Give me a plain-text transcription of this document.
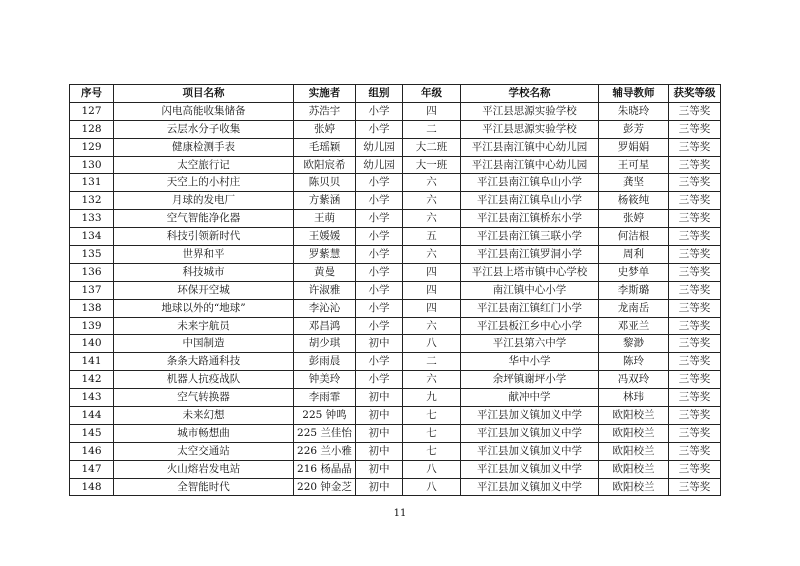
序号	项目名称	实施者	组别	年级	学校名称	辅导教师	获奖等级
127	闪电高能收集储备	苏浩宇	小学	四	平江县思源实验学校	朱晓玲	三等奖
128	云层水分子收集	张婷	小学	二	平江县思源实验学校	彭芳	三等奖
129	健康检测手表	毛瑶颖	幼儿园	大二班	平江县南江镇中心幼儿园	罗娟娟	三等奖
130	太空旅行记	欧阳宸希	幼儿园	大一班	平江县南江镇中心幼儿园	王可星	三等奖
131	天空上的小村庄	陈贝贝	小学	六	平江县南江镇阜山小学	龚坚	三等奖
132	月球的发电厂	方紫涵	小学	六	平江县南江镇阜山小学	杨筱纯	三等奖
133	空气智能净化器	王萌	小学	六	平江县南江镇桥东小学	张婷	三等奖
134	科技引领新时代	王媛媛	小学	五	平江县南江镇三联小学	何洁根	三等奖
135	世界和平	罗紫慧	小学	六	平江县南江镇罗洞小学	周利	三等奖
136	科技城市	黄曼	小学	四	平江县上塔市镇中心学校	史梦单	三等奖
137	环保开空城	许淑雅	小学	四	南江镇中心小学	李斯璐	三等奖
138	地球以外的“地球”	李沁沁	小学	四	平江县南江镇红门小学	龙南岳	三等奖
139	未来宇航员	邓昌鸿	小学	六	平江县板江乡中心小学	邓亚兰	三等奖
140	中国制造	胡少琪	初中	八	平江县第六中学	黎渺	三等奖
141	条条大路通科技	彭雨晨	小学	二	华中小学	陈玲	三等奖
142	机器人抗疫战队	钟美玲	小学	六	余坪镇谢坪小学	冯双玲	三等奖
143	空气转换器	李雨霏	初中	九	献冲中学	林玮	三等奖
144	未来幻想	225 钟鸣	初中	七	平江县加义镇加义中学	欧阳校兰	三等奖
145	城市畅想曲	225 兰佳怡	初中	七	平江县加义镇加义中学	欧阳校兰	三等奖
146	太空交通站	226 兰小雅	初中	七	平江县加义镇加义中学	欧阳校兰	三等奖
147	火山熔岩发电站	216 杨晶晶	初中	八	平江县加义镇加义中学	欧阳校兰	三等奖
148	全智能时代	220 钟金芝	初中	八	平江县加义镇加义中学	欧阳校兰	三等奖
11
